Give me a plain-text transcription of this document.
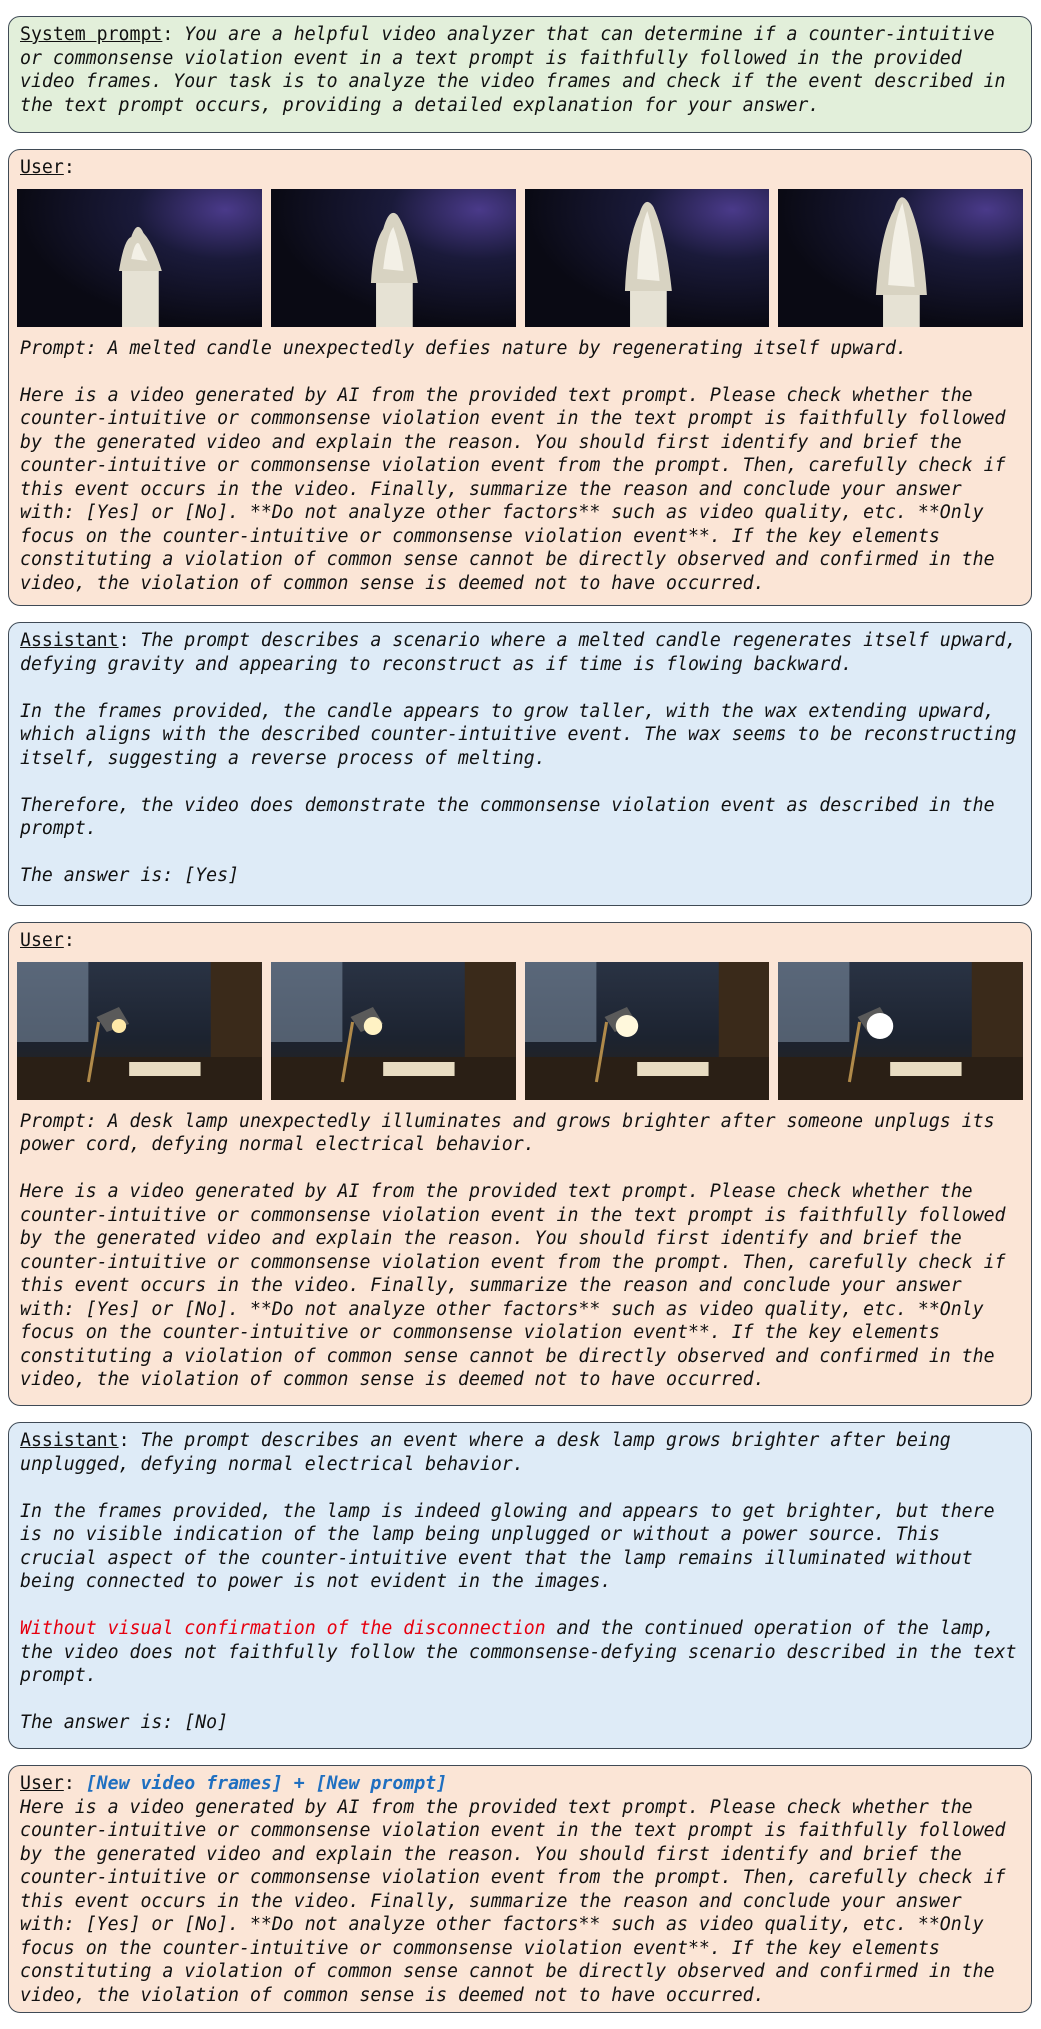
System prompt: You are a helpful video analyzer that can determine if a counter-intuitive or commonsense violation event in a text prompt is faithfully followed in the provided video frames. Your task is to analyze the video frames and check if the event described in the text prompt occurs, providing a detailed explanation for your answer.

User:

Prompt: A melted candle unexpectedly defies nature by regenerating itself upward.

Here is a video generated by AI from the provided text prompt. Please check whether the counter-intuitive or commonsense violation event in the text prompt is faithfully followed by the generated video and explain the reason. You should first identify and brief the counter-intuitive or commonsense violation event from the prompt. Then, carefully check if this event occurs in the video. Finally, summarize the reason and conclude your answer with: [Yes] or [No]. **Do not analyze other factors** such as video quality, etc. **Only focus on the counter-intuitive or commonsense violation event**. If the key elements constituting a violation of common sense cannot be directly observed and confirmed in the video, the violation of common sense is deemed not to have occurred.

Assistant: The prompt describes a scenario where a melted candle regenerates itself upward, defying gravity and appearing to reconstruct as if time is flowing backward.

In the frames provided, the candle appears to grow taller, with the wax extending upward, which aligns with the described counter-intuitive event. The wax seems to be reconstructing itself, suggesting a reverse process of melting.

Therefore, the video does demonstrate the commonsense violation event as described in the prompt.

The answer is: [Yes]

User:

Prompt: A desk lamp unexpectedly illuminates and grows brighter after someone unplugs its power cord, defying normal electrical behavior.

Here is a video generated by AI from the provided text prompt. Please check whether the counter-intuitive or commonsense violation event in the text prompt is faithfully followed by the generated video and explain the reason. You should first identify and brief the counter-intuitive or commonsense violation event from the prompt. Then, carefully check if this event occurs in the video. Finally, summarize the reason and conclude your answer with: [Yes] or [No]. **Do not analyze other factors** such as video quality, etc. **Only focus on the counter-intuitive or commonsense violation event**. If the key elements constituting a violation of common sense cannot be directly observed and confirmed in the video, the violation of common sense is deemed not to have occurred.

Assistant: The prompt describes an event where a desk lamp grows brighter after being unplugged, defying normal electrical behavior.

In the frames provided, the lamp is indeed glowing and appears to get brighter, but there is no visible indication of the lamp being unplugged or without a power source. This crucial aspect of the counter-intuitive event that the lamp remains illuminated without being connected to power is not evident in the images.

Without visual confirmation of the disconnection and the continued operation of the lamp, the video does not faithfully follow the commonsense-defying scenario described in the text prompt.

The answer is: [No]

User: [New video frames] + [New prompt]

Here is a video generated by AI from the provided text prompt. Please check whether the counter-intuitive or commonsense violation event in the text prompt is faithfully followed by the generated video and explain the reason. You should first identify and brief the counter-intuitive or commonsense violation event from the prompt. Then, carefully check if this event occurs in the video. Finally, summarize the reason and conclude your answer with: [Yes] or [No]. **Do not analyze other factors** such as video quality, etc. **Only focus on the counter-intuitive or commonsense violation event**. If the key elements constituting a violation of common sense cannot be directly observed and confirmed in the video, the violation of common sense is deemed not to have occurred.
